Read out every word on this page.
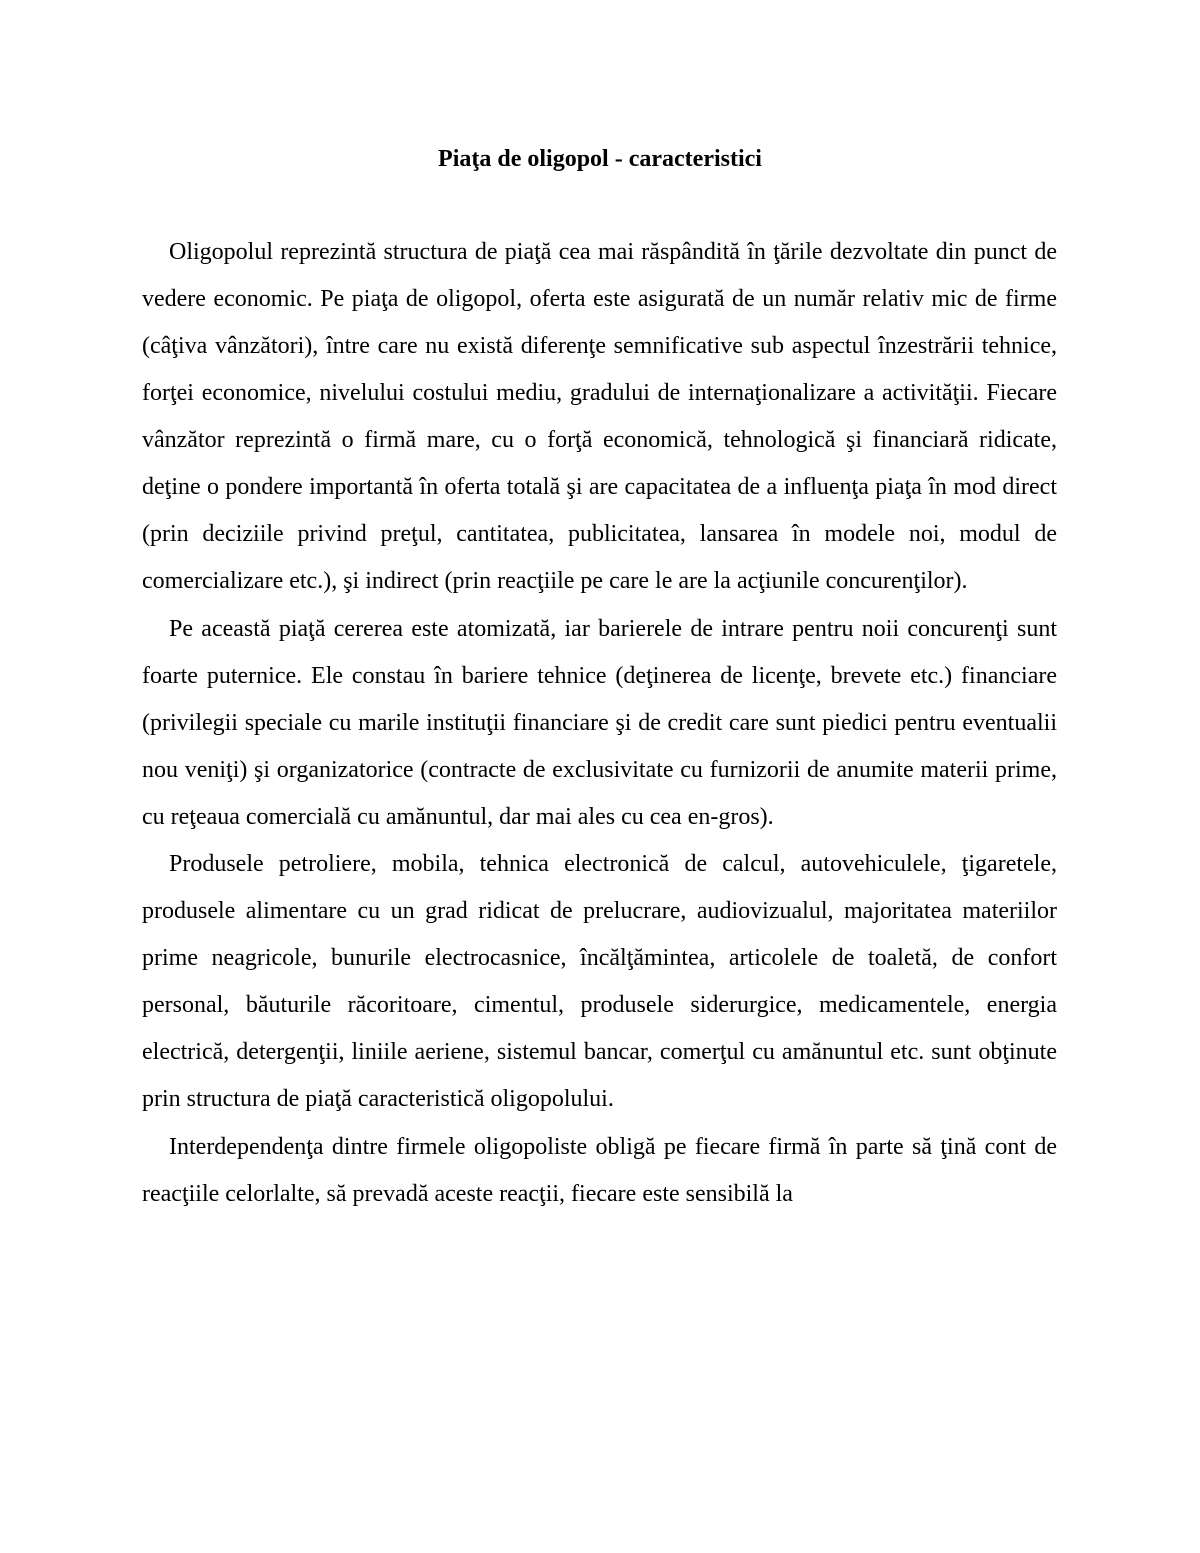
Piaţa de oligopol - caracteristici

Oligopolul reprezintă structura de piaţă cea mai răspândită în ţările dezvoltate din punct de vedere economic. Pe piaţa de oligopol, oferta este asigurată de un număr relativ mic de firme (câţiva vânzători), între care nu există diferenţe semnificative sub aspectul înzestrării tehnice, forţei economice, nivelului costului mediu, gradului de internaţionalizare a activităţii. Fiecare vânzător reprezintă o firmă mare, cu o forţă economică, tehnologică şi financiară ridicate, deţine o pondere importantă în oferta totală şi are capacitatea de a influenţa piaţa în mod direct (prin deciziile privind preţul, cantitatea, publicitatea, lansarea în modele noi, modul de comercializare etc.), şi indirect (prin reacţiile pe care le are la acţiunile concurenţilor).

Pe această piaţă cererea este atomizată, iar barierele de intrare pentru noii concurenţi sunt foarte puternice. Ele constau în bariere tehnice (deţinerea de licenţe, brevete etc.) financiare (privilegii speciale cu marile instituţii financiare şi de credit care sunt piedici pentru eventualii nou veniţi) şi organizatorice (contracte de exclusivitate cu furnizorii de anumite materii prime, cu reţeaua comercială cu amănuntul, dar mai ales cu cea en-gros).

Produsele petroliere, mobila, tehnica electronică de calcul, autovehiculele, ţigaretele, produsele alimentare cu un grad ridicat de prelucrare, audiovizualul, majoritatea materiilor prime neagricole, bunurile electrocasnice, încălţămintea, articolele de toaletă, de confort personal, băuturile răcoritoare, cimentul, produsele siderurgice, medicamentele, energia electrică, detergenţii, liniile aeriene, sistemul bancar, comerţul cu amănuntul etc. sunt obţinute prin structura de piaţă caracteristică oligopolului.

Interdependenţa dintre firmele oligopoliste obligă pe fiecare firmă în parte să ţină cont de reacţiile celorlalte, să prevadă aceste reacţii, fiecare este sensibilă la
